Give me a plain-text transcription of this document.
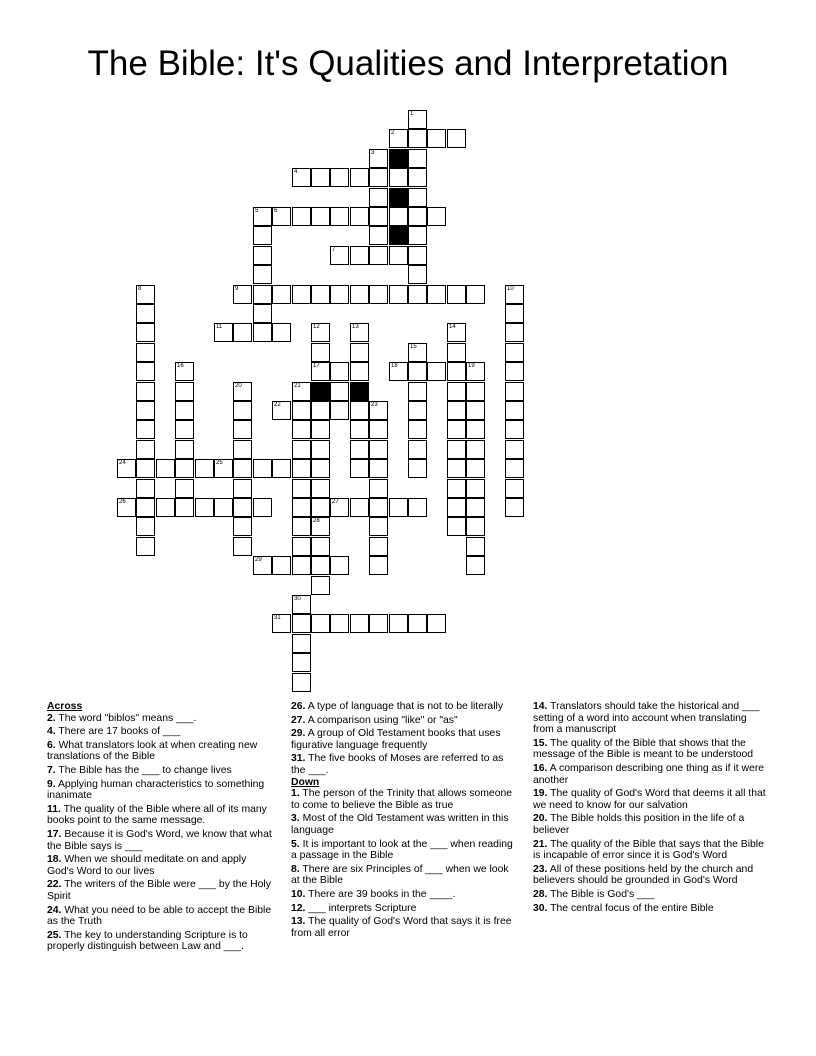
The Bible: It's Qualities and Interpretation
1
2
3
4
5	6
7
8	9	10
11	12	13	14
15
16	17	18	19
20	21
22	23
24	25
26	27
28
29
30
31
Across
2. The word "biblos" means ___.
4. There are 17 books of ___
6. What translators look at when creating new translations of the Bible
7. The Bible has the ___ to change lives
9. Applying human characteristics to something inanimate
11. The quality of the Bible where all of its many books point to the same message.
17. Because it is God's Word, we know that what the Bible says is ___
18. When we should meditate on and apply God's Word to our lives
22. The writers of the Bible were ___ by the Holy Spirit
24. What you need to be able to accept the Bible as the Truth
25. The key to understanding Scripture is to properly distinguish between Law and ___.
26. A type of language that is not to be literally
27. A comparison using "like" or "as"
29. A group of Old Testament books that uses figurative language frequently
31. The five books of Moses are referred to as the ___.
Down
1. The person of the Trinity that allows someone to come to believe the Bible as true
3. Most of the Old Testament was written in this language
5. It is important to look at the ___ when reading a passage in the Bible
8. There are six Principles of ___ when we look at the Bible
10. There are 39 books in the ____.
12. ___ interprets Scripture
13. The quality of God's Word that says it is free from all error
14. Translators should take the historical and ___ setting of a word into account when translating from a manuscript
15. The quality of the Bible that shows that the message of the Bible is meant to be understood
16. A comparison describing one thing as if it were another
19. The quality of God's Word that deems it all that we need to know for our salvation
20. The Bible holds this position in the life of a believer
21. The quality of the Bible that says that the Bible is incapable of error since it is God's Word
23. All of these positions held by the church and believers should be grounded in God's Word
28. The Bible is God's ___
30. The central focus of the entire Bible
